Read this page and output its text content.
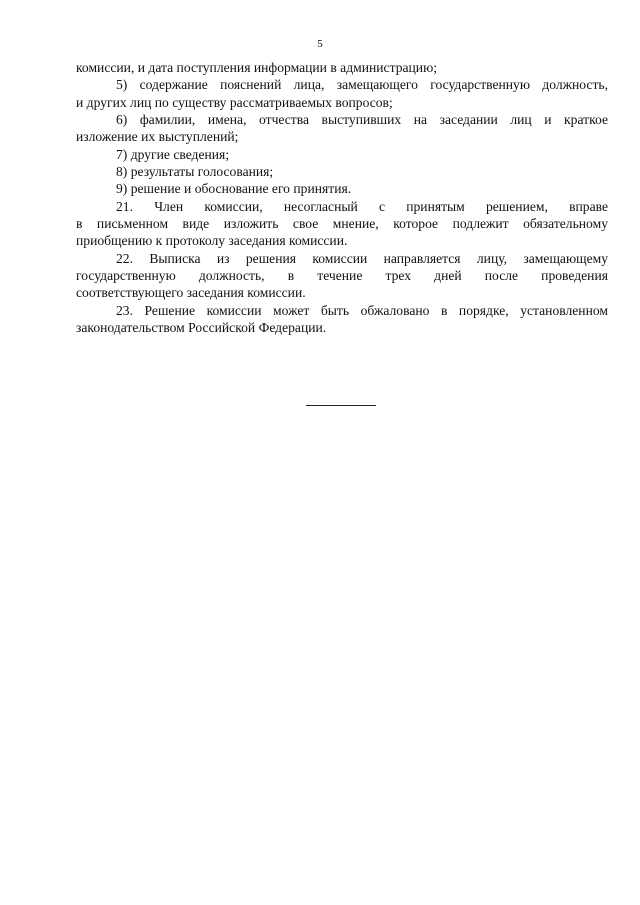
5
комиссии, и дата поступления информации в администрацию;
5) содержание пояснений лица, замещающего государственную должность,
и других лиц по существу рассматриваемых вопросов;
6) фамилии, имена, отчества выступивших на заседании лиц и краткое
изложение их выступлений;
7) другие сведения;
8) результаты голосования;
9) решение и обоснование его принятия.
21. Член комиссии, несогласный с принятым решением, вправе
в письменном виде изложить свое мнение, которое подлежит обязательному
приобщению к протоколу заседания комиссии.
22. Выписка из решения комиссии направляется лицу, замещающему
государственную должность, в течение трех дней после проведения
соответствующего заседания комиссии.
23. Решение комиссии может быть обжаловано в порядке, установленном
законодательством Российской Федерации.
